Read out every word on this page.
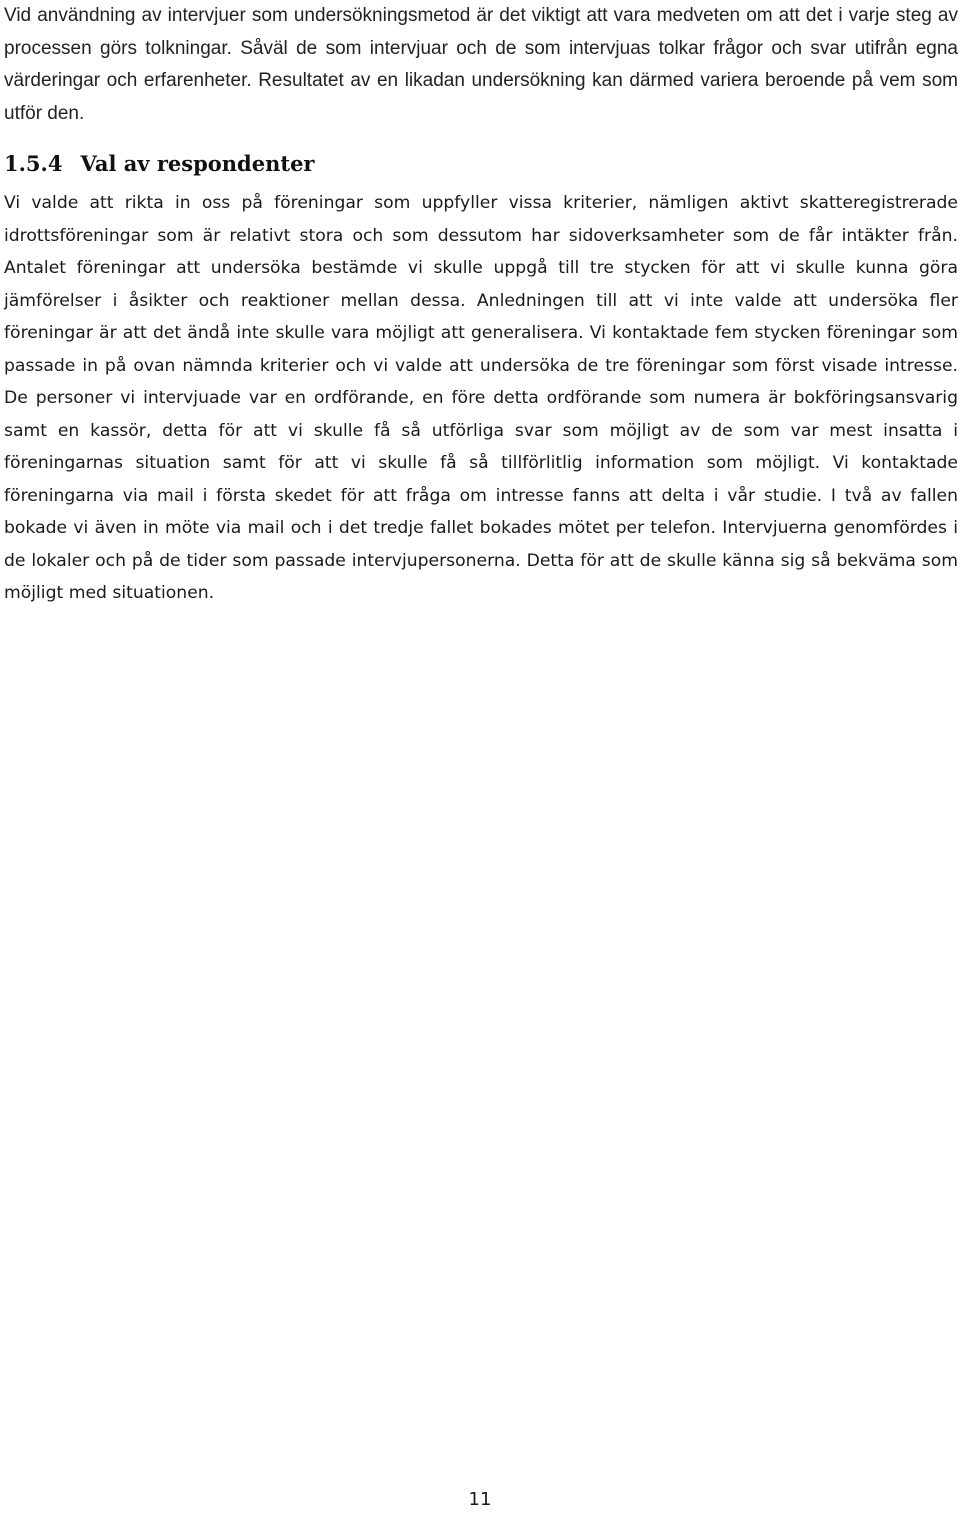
Vid användning av intervjuer som undersökningsmetod är det viktigt att vara medveten om att det i varje steg av processen görs tolkningar. Såväl de som intervjuar och de som intervjuas tolkar frågor och svar utifrån egna värderingar och erfarenheter. Resultatet av en likadan undersökning kan därmed variera beroende på vem som utför den.

1.5.4 Val av respondenter

Vi valde att rikta in oss på föreningar som uppfyller vissa kriterier, nämligen aktivt skatteregistrerade idrottsföreningar som är relativt stora och som dessutom har sidoverksamheter som de får intäkter från. Antalet föreningar att undersöka bestämde vi skulle uppgå till tre stycken för att vi skulle kunna göra jämförelser i åsikter och reaktioner mellan dessa. Anledningen till att vi inte valde att undersöka fler föreningar är att det ändå inte skulle vara möjligt att generalisera. Vi kontaktade fem stycken föreningar som passade in på ovan nämnda kriterier och vi valde att undersöka de tre föreningar som först visade intresse. De personer vi intervjuade var en ordförande, en före detta ordförande som numera är bokföringsansvarig samt en kassör, detta för att vi skulle få så utförliga svar som möjligt av de som var mest insatta i föreningarnas situation samt för att vi skulle få så tillförlitlig information som möjligt. Vi kontaktade föreningarna via mail i första skedet för att fråga om intresse fanns att delta i vår studie. I två av fallen bokade vi även in möte via mail och i det tredje fallet bokades mötet per telefon. Intervjuerna genomfördes i de lokaler och på de tider som passade intervjupersonerna. Detta för att de skulle känna sig så bekväma som möjligt med situationen.

11
